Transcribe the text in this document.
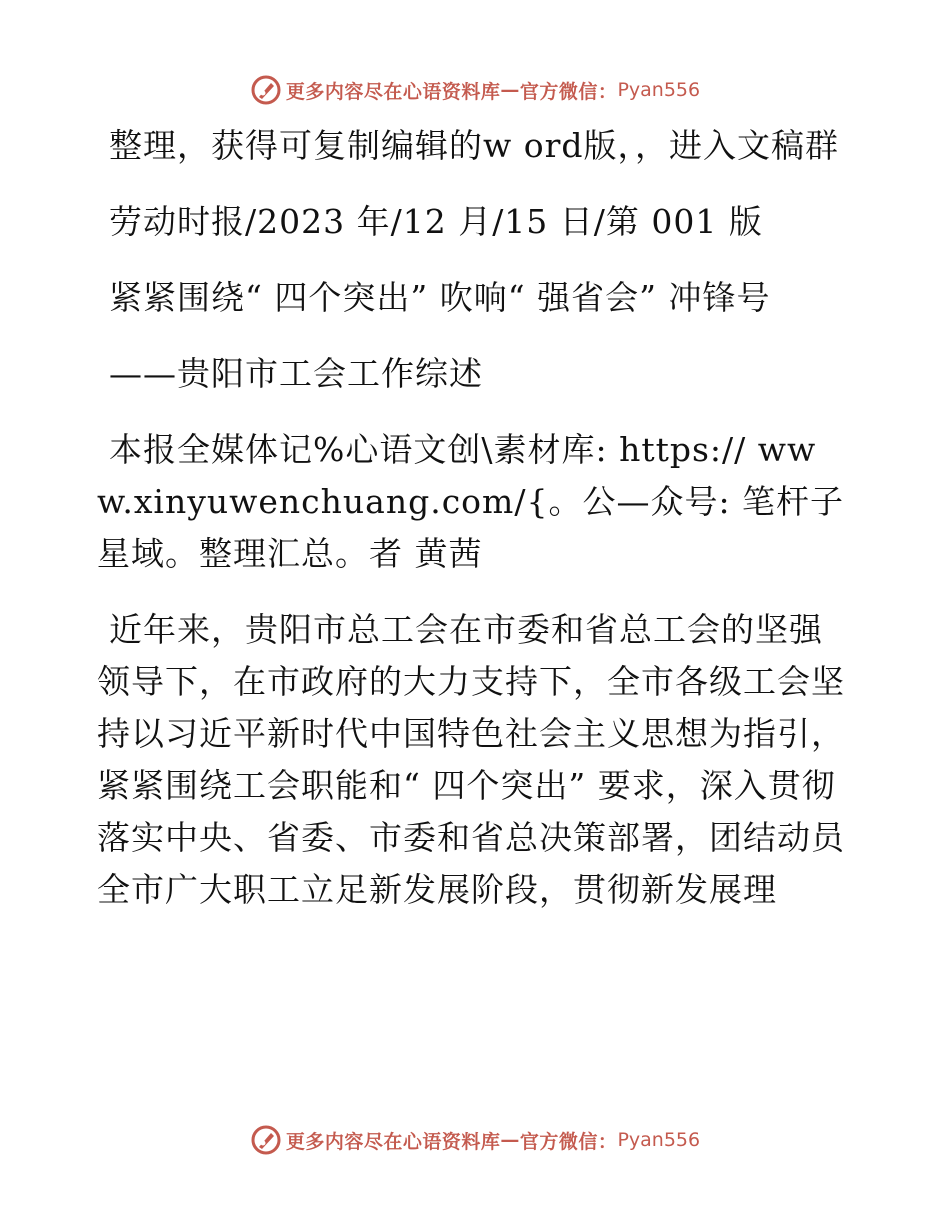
更多内容尽在心语资料库 — 官方微信： Pyan556

整理，获得可复制编辑的w ord版，，进入文稿群

劳动时报/2023 年/12 月/15 日/第 001 版

紧紧围绕“ 四个突出” 吹响“ 强省会” 冲锋号

——贵阳市工会工作综述

本报全媒体记%心语文创\素材库: https:// www.xinyuwenchuang.com/{。公—众号: 笔杆子星域。整理汇总。者 黄茜

近年来，贵阳市总工会在市委和省总工会的坚强领导下，在市政府的大力支持下，全市各级工会坚持以习近平新时代中国特色社会主义思想为指引，紧紧围绕工会职能和“ 四个突出” 要求，深入贯彻落实中央、省委、市委和省总决策部署，团结动员全市广大职工立足新发展阶段，贯彻新发展理

更多内容尽在心语资料库 — 官方微信： Pyan556
